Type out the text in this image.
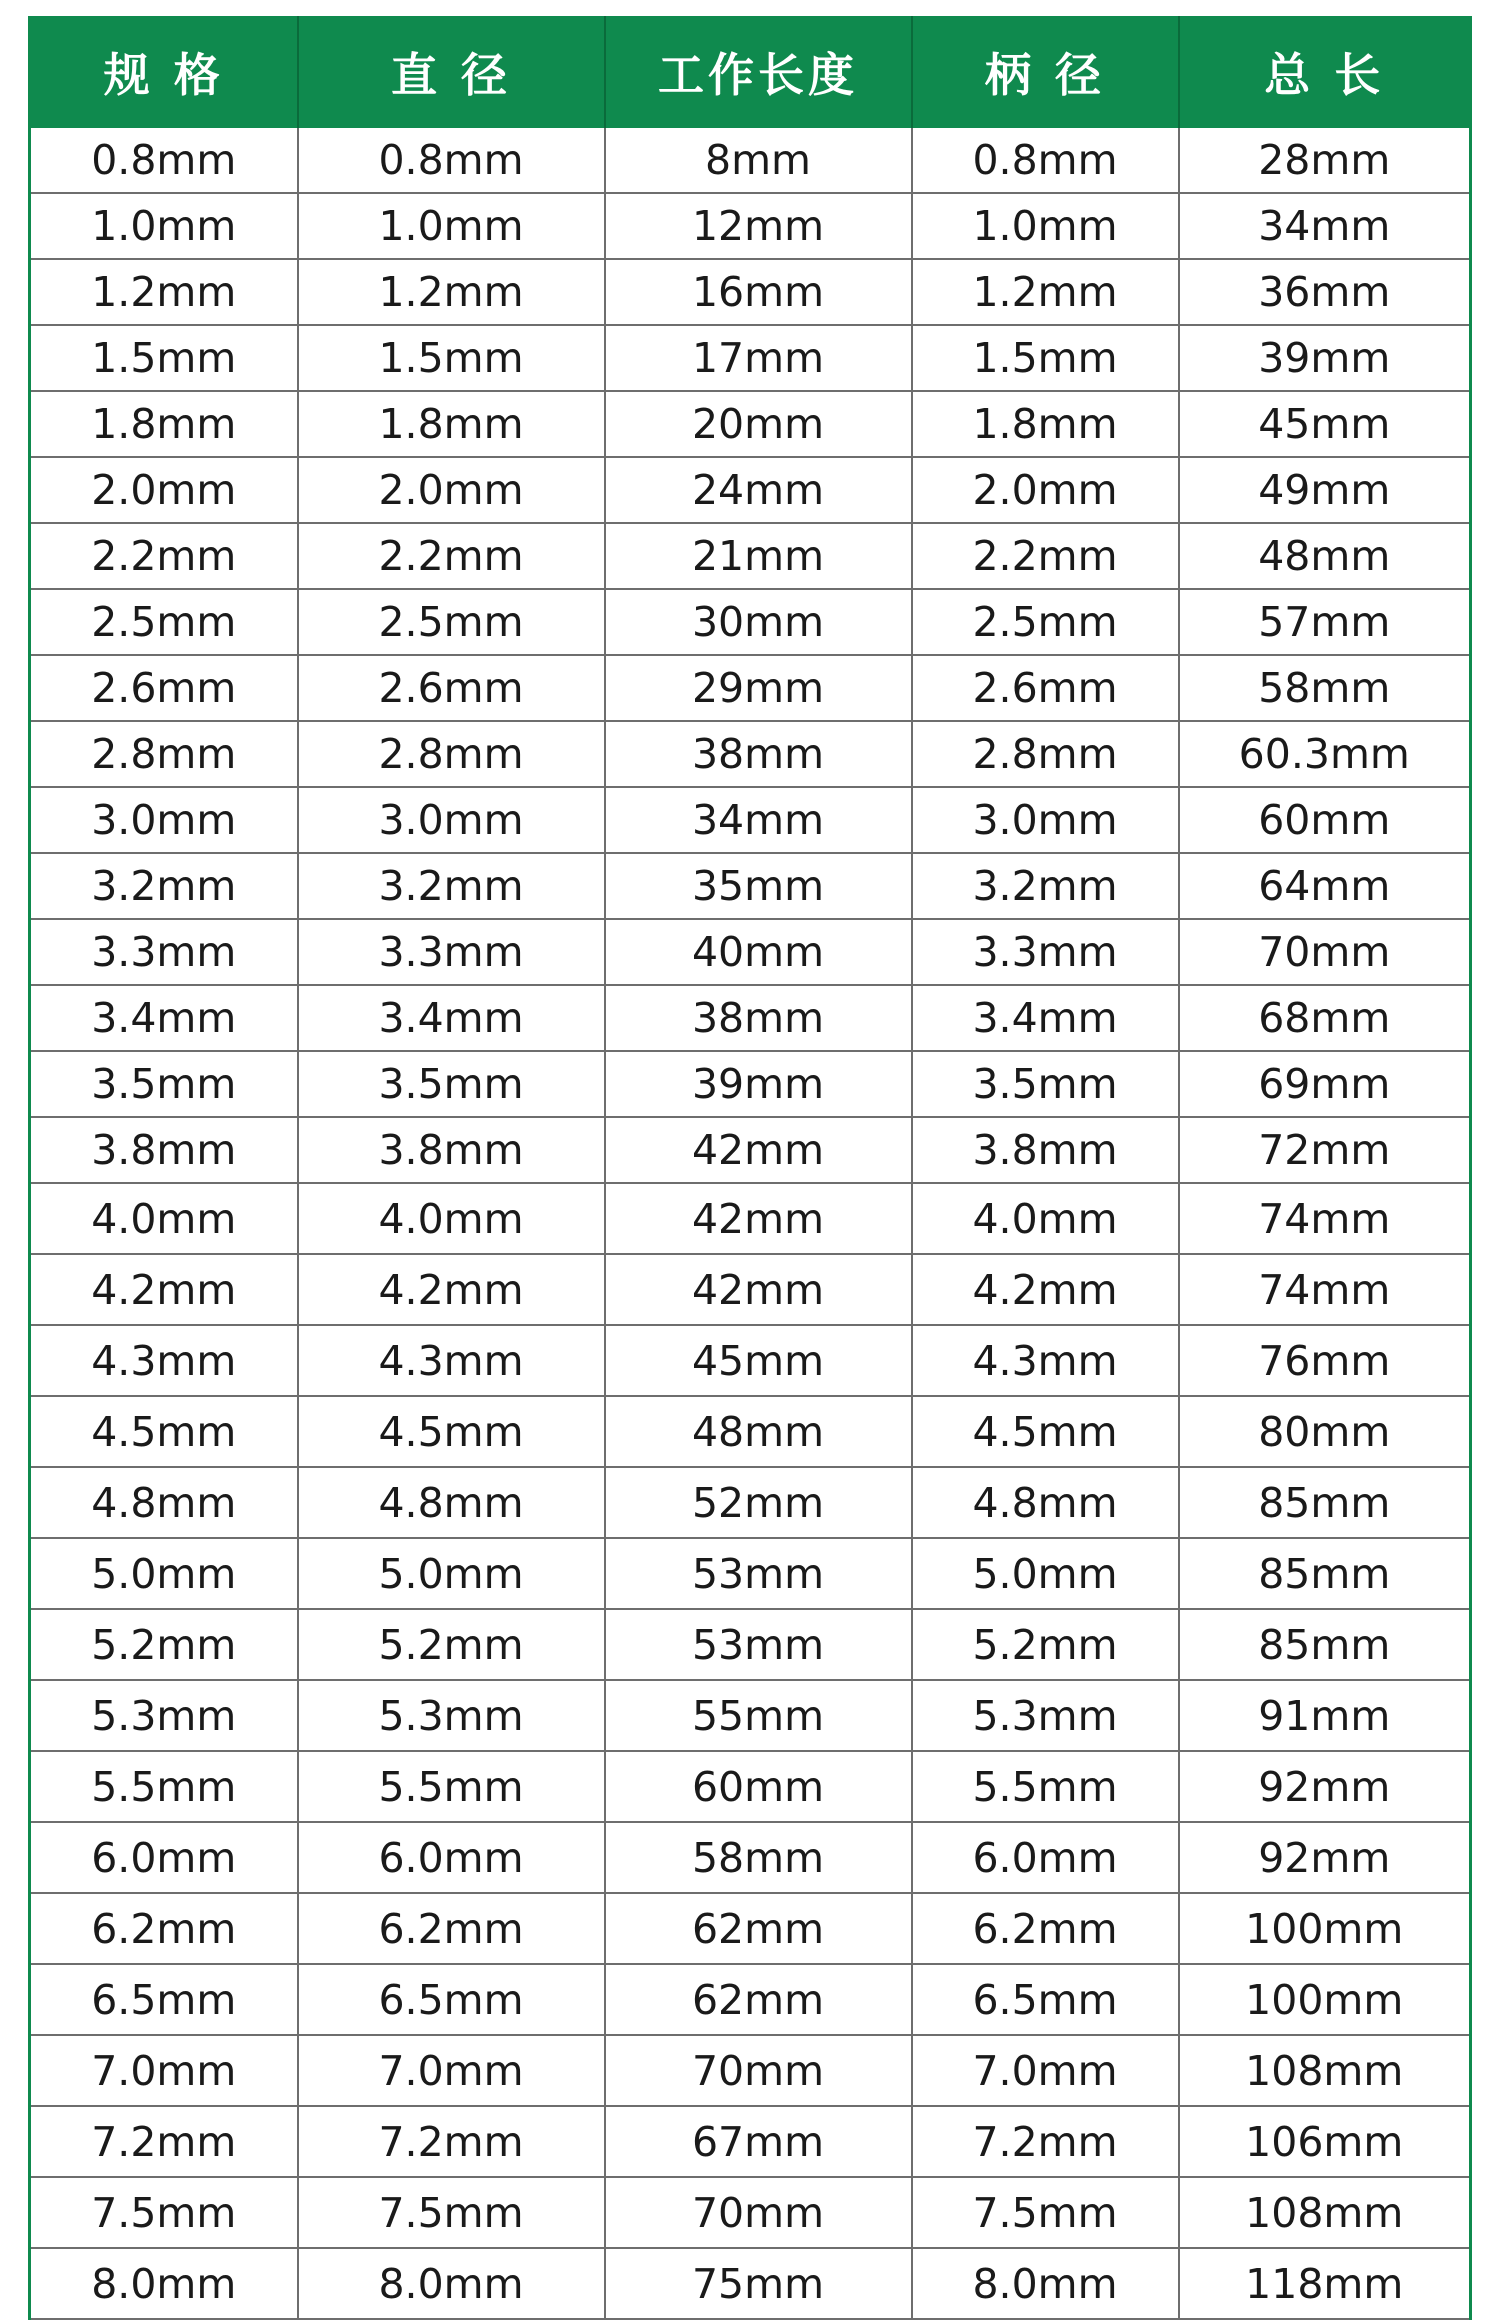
规 格	直 径	工作长度	柄 径	总 长
0.8mm	0.8mm	8mm	0.8mm	28mm
1.0mm	1.0mm	12mm	1.0mm	34mm
1.2mm	1.2mm	16mm	1.2mm	36mm
1.5mm	1.5mm	17mm	1.5mm	39mm
1.8mm	1.8mm	20mm	1.8mm	45mm
2.0mm	2.0mm	24mm	2.0mm	49mm
2.2mm	2.2mm	21mm	2.2mm	48mm
2.5mm	2.5mm	30mm	2.5mm	57mm
2.6mm	2.6mm	29mm	2.6mm	58mm
2.8mm	2.8mm	38mm	2.8mm	60.3mm
3.0mm	3.0mm	34mm	3.0mm	60mm
3.2mm	3.2mm	35mm	3.2mm	64mm
3.3mm	3.3mm	40mm	3.3mm	70mm
3.4mm	3.4mm	38mm	3.4mm	68mm
3.5mm	3.5mm	39mm	3.5mm	69mm
3.8mm	3.8mm	42mm	3.8mm	72mm
4.0mm	4.0mm	42mm	4.0mm	74mm
4.2mm	4.2mm	42mm	4.2mm	74mm
4.3mm	4.3mm	45mm	4.3mm	76mm
4.5mm	4.5mm	48mm	4.5mm	80mm
4.8mm	4.8mm	52mm	4.8mm	85mm
5.0mm	5.0mm	53mm	5.0mm	85mm
5.2mm	5.2mm	53mm	5.2mm	85mm
5.3mm	5.3mm	55mm	5.3mm	91mm
5.5mm	5.5mm	60mm	5.5mm	92mm
6.0mm	6.0mm	58mm	6.0mm	92mm
6.2mm	6.2mm	62mm	6.2mm	100mm
6.5mm	6.5mm	62mm	6.5mm	100mm
7.0mm	7.0mm	70mm	7.0mm	108mm
7.2mm	7.2mm	67mm	7.2mm	106mm
7.5mm	7.5mm	70mm	7.5mm	108mm
8.0mm	8.0mm	75mm	8.0mm	118mm
